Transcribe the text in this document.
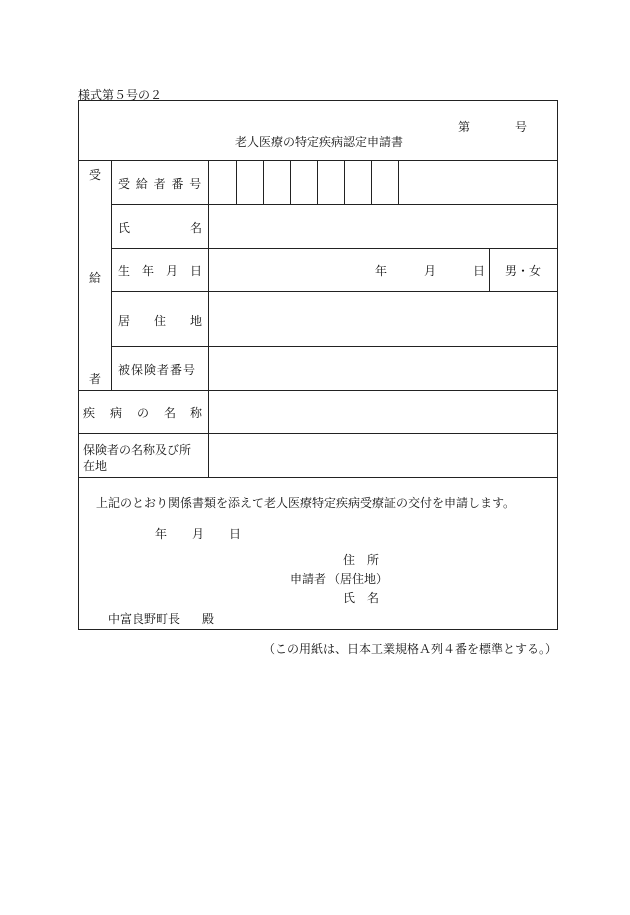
様式第５号の２
第	号
老人医療の特定疾病認定申請書
受
給
者
受 給 者 番 号
氏	名
生　年　月　日	年	月	日 男・女
居 住 地
被保険者番号
疾 病 の 名 称
保険者の名称及び所
在地
上記のとおり関係書類を添えて老人医療特定疾病受療証の交付を申請します。
年 月 日
住　所
申請者 （居住地）
氏　名
中富良野町長 殿
（この用紙は、日本工業規格Ａ列４番を標準とする。）
